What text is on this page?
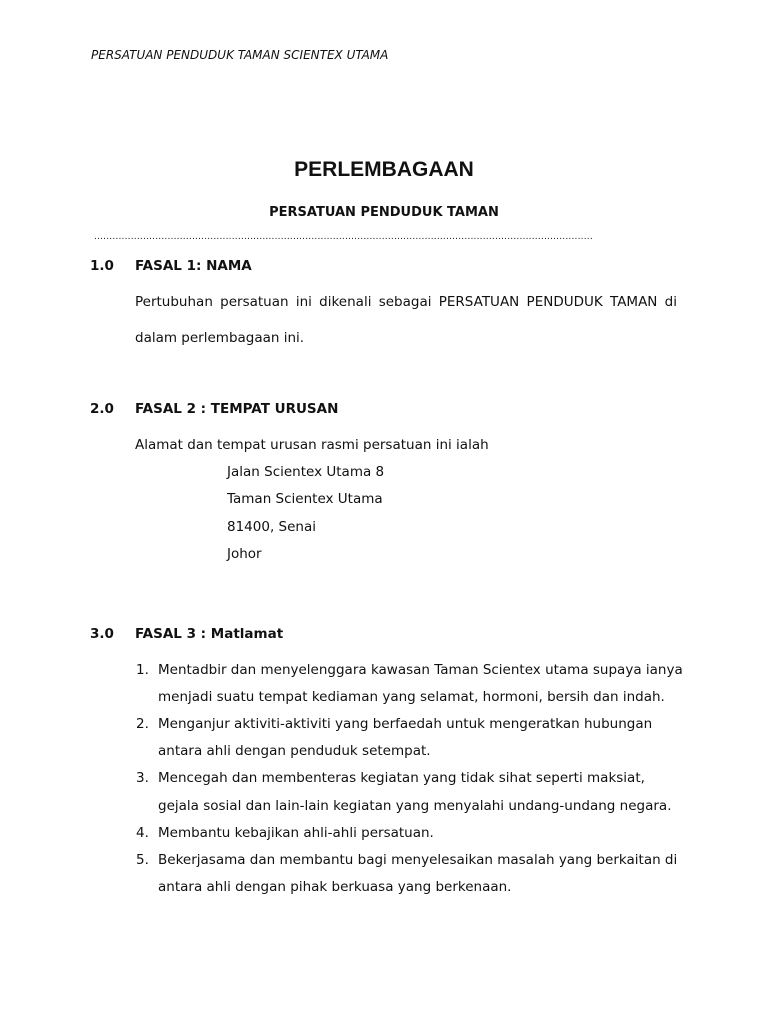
PERSATUAN PENDUDUK TAMAN SCIENTEX UTAMA
PERLEMBAGAAN
PERSATUAN PENDUDUK TAMAN
...................................................................................................................................................................
1.0 FASAL 1: NAMA
Pertubuhan persatuan ini dikenali sebagai PERSATUAN PENDUDUK TAMAN di
dalam perlembagaan ini.
2.0 FASAL 2 : TEMPAT URUSAN
Alamat dan tempat urusan rasmi persatuan ini ialah
Jalan Scientex Utama 8
Taman Scientex Utama
81400, Senai
Johor
3.0 FASAL 3 : Matlamat
1. Mentadbir dan menyelenggara kawasan Taman Scientex utama supaya ianya
menjadi suatu tempat kediaman yang selamat, hormoni, bersih dan indah.
2. Menganjur aktiviti-aktiviti yang berfaedah untuk mengeratkan hubungan
antara ahli dengan penduduk setempat.
3. Mencegah dan membenteras kegiatan yang tidak sihat seperti maksiat,
gejala sosial dan lain-lain kegiatan yang menyalahi undang-undang negara.
4. Membantu kebajikan ahli-ahli persatuan.
5. Bekerjasama dan membantu bagi menyelesaikan masalah yang berkaitan di
antara ahli dengan pihak berkuasa yang berkenaan.
